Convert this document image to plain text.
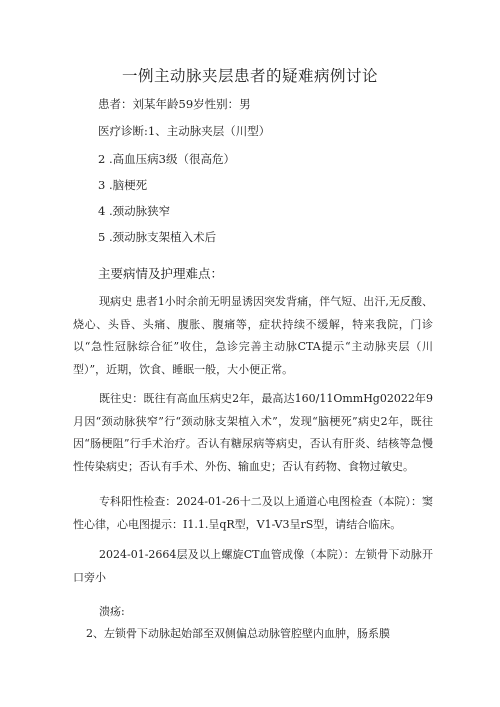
一例主动脉夹层患者的疑难病例讨论
患者：刘某年龄59岁性别：男
医疗诊断:1、主动脉夹层（川型）
2 .高血压病3级（很高危）
3 .脑梗死
4 .颈动脉狭窄
5 .颈动脉支架植入术后
主要病情及护理难点：
现病史 患者1小时余前无明显诱因突发背痛，伴气短、出汗,无反酸、烧心、头昏、头痛、腹胀、腹痛等，症状持续不缓解，特来我院，门诊以“急性冠脉综合征”收住，急诊完善主动脉CTA提示“主动脉夹层（川型）”，近期，饮食、睡眠一般，大小便正常。
既往史：既往有高血压病史2年，最高达160/11OmmHg02022年9月因“颈动脉狭窄”行“颈动脉支架植入术”，发现“脑梗死”病史2年，既往因“肠梗阻”行手术治疗。否认有糖尿病等病史，否认有肝炎、结核等急慢性传染病史；否认有手术、外伤、输血史；否认有药物、食物过敏史。
专科阳性检查：2024-01-26十二及以上通道心电图检查（本院）：窦性心律，心电图提示：I1.1.呈qR型，V1-V3呈rS型，请结合临床。
2024-01-2664层及以上螺旋CT血管成像（本院）：左锁骨下动脉开口旁小
溃疡:
2、左锁骨下动脉起始部至双侧偏总动脉管腔壁内血肿，肠系膜
